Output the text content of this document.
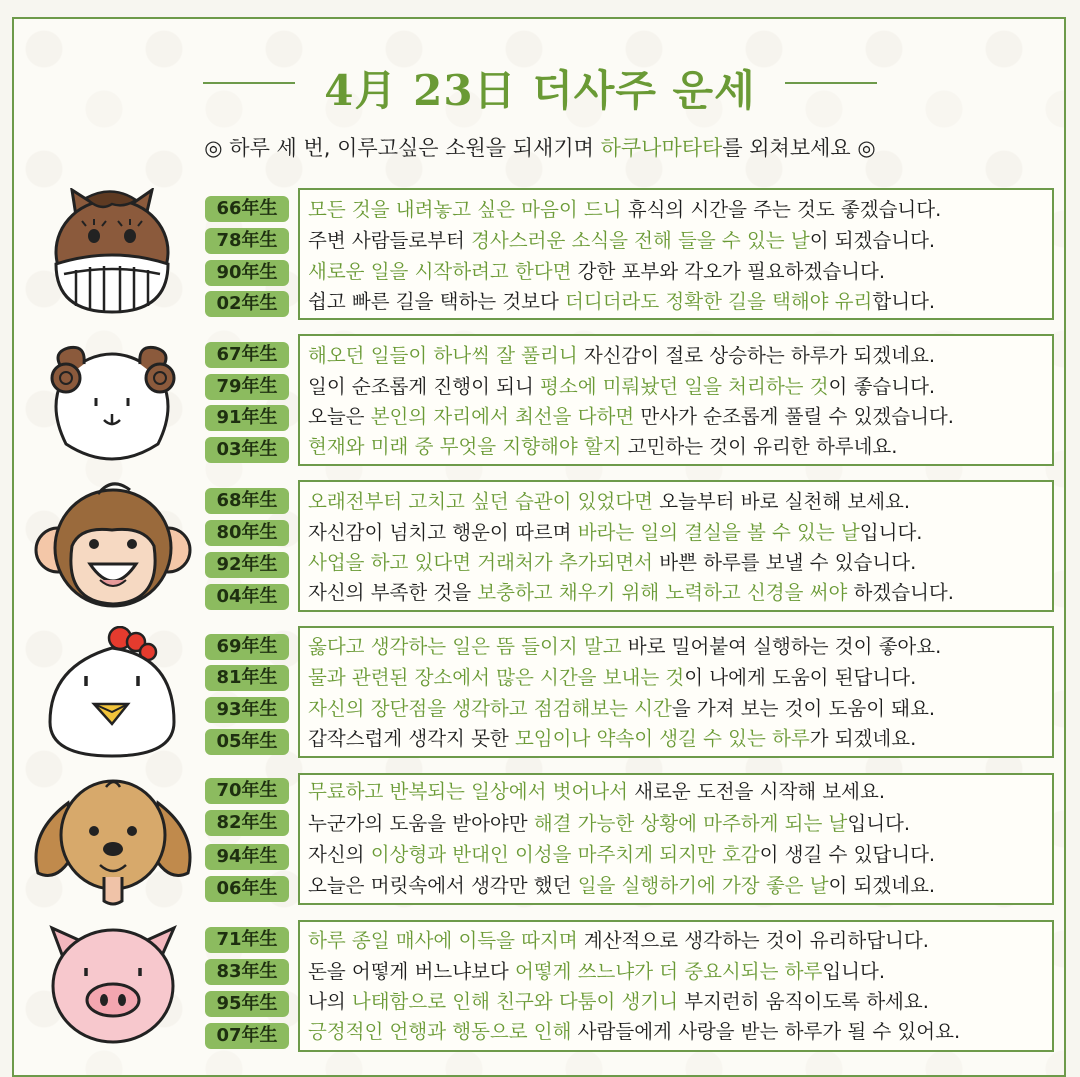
4月 23日 더사주 운세
◎ 하루 세 번, 이루고싶은 소원을 되새기며 하쿠나마타타를 외쳐보세요 ◎
66年生
78年生
90年生
02年生
모든 것을 내려놓고 싶은 마음이 드니 휴식의 시간을 주는 것도 좋겠습니다.
주변 사람들로부터 경사스러운 소식을 전해 들을 수 있는 날이 되겠습니다.
새로운 일을 시작하려고 한다면 강한 포부와 각오가 필요하겠습니다.
쉽고 빠른 길을 택하는 것보다 더디더라도 정확한 길을 택해야 유리합니다.
67年生
79年生
91年生
03年生
해오던 일들이 하나씩 잘 풀리니 자신감이 절로 상승하는 하루가 되겠네요.
일이 순조롭게 진행이 되니 평소에 미뤄놨던 일을 처리하는 것이 좋습니다.
오늘은 본인의 자리에서 최선을 다하면 만사가 순조롭게 풀릴 수 있겠습니다.
현재와 미래 중 무엇을 지향해야 할지 고민하는 것이 유리한 하루네요.
68年生
80年生
92年生
04年生
오래전부터 고치고 싶던 습관이 있었다면 오늘부터 바로 실천해 보세요.
자신감이 넘치고 행운이 따르며 바라는 일의 결실을 볼 수 있는 날입니다.
사업을 하고 있다면 거래처가 추가되면서 바쁜 하루를 보낼 수 있습니다.
자신의 부족한 것을 보충하고 채우기 위해 노력하고 신경을 써야 하겠습니다.
69年生
81年生
93年生
05年生
옳다고 생각하는 일은 뜸 들이지 말고 바로 밀어붙여 실행하는 것이 좋아요.
물과 관련된 장소에서 많은 시간을 보내는 것이 나에게 도움이 된답니다.
자신의 장단점을 생각하고 점검해보는 시간을 가져 보는 것이 도움이 돼요.
갑작스럽게 생각지 못한 모임이나 약속이 생길 수 있는 하루가 되겠네요.
70年生
82年生
94年生
06年生
무료하고 반복되는 일상에서 벗어나서 새로운 도전을 시작해 보세요.
누군가의 도움을 받아야만 해결 가능한 상황에 마주하게 되는 날입니다.
자신의 이상형과 반대인 이성을 마주치게 되지만 호감이 생길 수 있답니다.
오늘은 머릿속에서 생각만 했던 일을 실행하기에 가장 좋은 날이 되겠네요.
71年生
83年生
95年生
07年生
하루 종일 매사에 이득을 따지며 계산적으로 생각하는 것이 유리하답니다.
돈을 어떻게 버느냐보다 어떻게 쓰느냐가 더 중요시되는 하루입니다.
나의 나태함으로 인해 친구와 다툼이 생기니 부지런히 움직이도록 하세요.
긍정적인 언행과 행동으로 인해 사람들에게 사랑을 받는 하루가 될 수 있어요.
